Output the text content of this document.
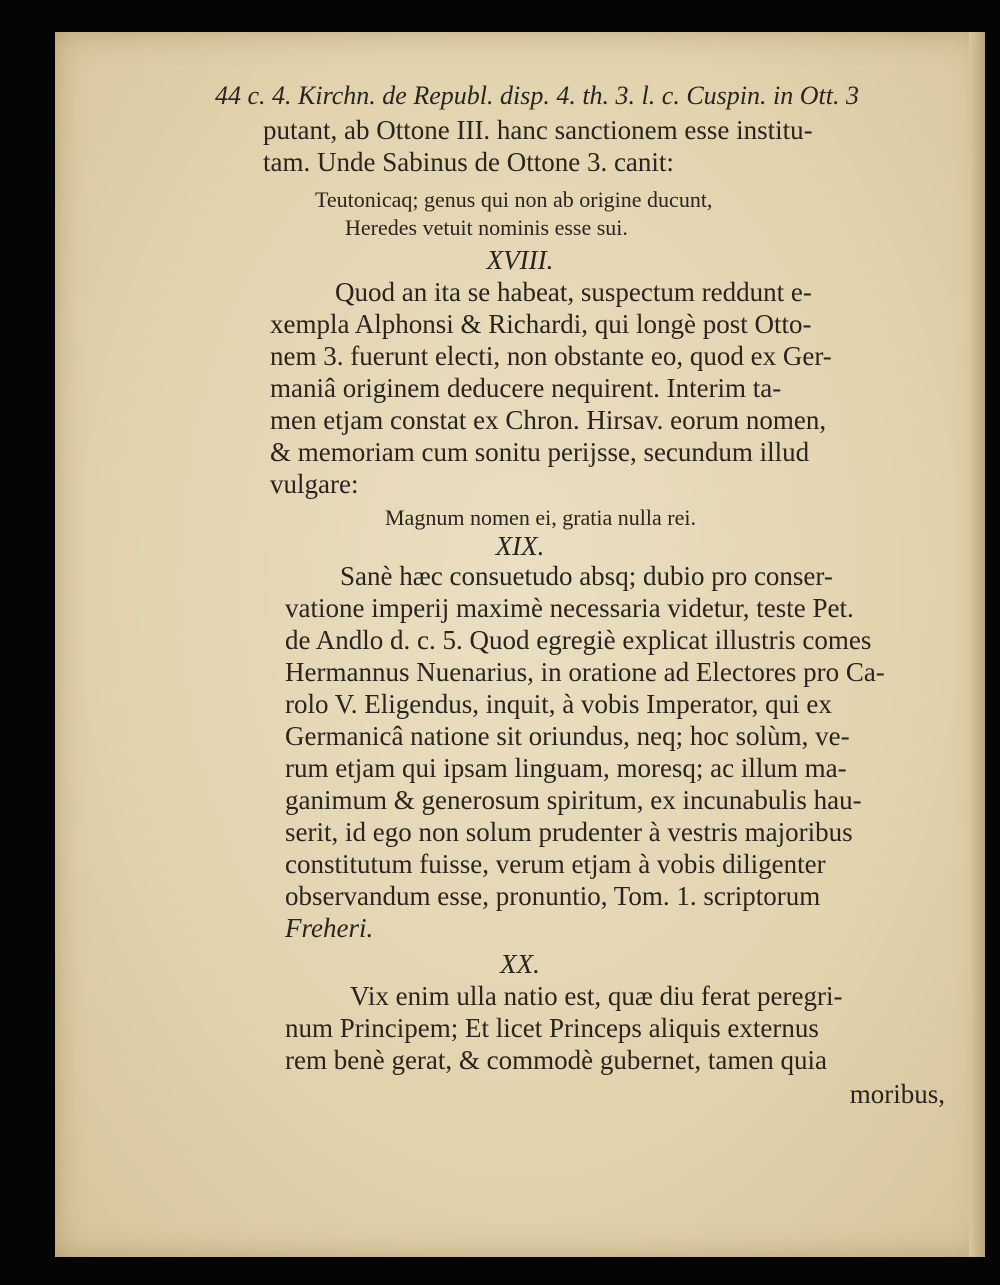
44 c. 4. Kirchn. de Republ. disp. 4. th. 3. l. c. Cuspin. in Ott. 3
putant, ab Ottone III. hanc sanctionem esse institu-
tam. Unde Sabinus de Ottone 3. canit:
Teutonicaq; genus qui non ab origine ducunt,
Heredes vetuit nominis esse sui.
XVIII.
Quod an ita se habeat, suspectum reddunt e-
xempla Alphonsi & Richardi, qui longè post Otto-
nem 3. fuerunt electi, non obstante eo, quod ex Ger-
maniâ originem deducere nequirent. Interim ta-
men etjam constat ex Chron. Hirsav. eorum nomen,
& memoriam cum sonitu perijsse, secundum illud
vulgare:
Magnum nomen ei, gratia nulla rei.
XIX.
Sanè hæc consuetudo absq; dubio pro conser-
vatione imperij maximè necessaria videtur, teste Pet.
de Andlo d. c. 5. Quod egregiè explicat illustris comes
Hermannus Nuenarius, in oratione ad Electores pro Ca-
rolo V. Eligendus, inquit, à vobis Imperator, qui ex
Germanicâ natione sit oriundus, neq; hoc solùm, ve-
rum etjam qui ipsam linguam, moresq; ac illum ma-
ganimum & generosum spiritum, ex incunabulis hau-
serit, id ego non solum prudenter à vestris majoribus
constitutum fuisse, verum etjam à vobis diligenter
observandum esse, pronuntio, Tom. 1. scriptorum
Freheri.
XX.
Vix enim ulla natio est, quæ diu ferat peregri-
num Principem; Et licet Princeps aliquis externus
rem benè gerat, & commodè gubernet, tamen quia
moribus,
